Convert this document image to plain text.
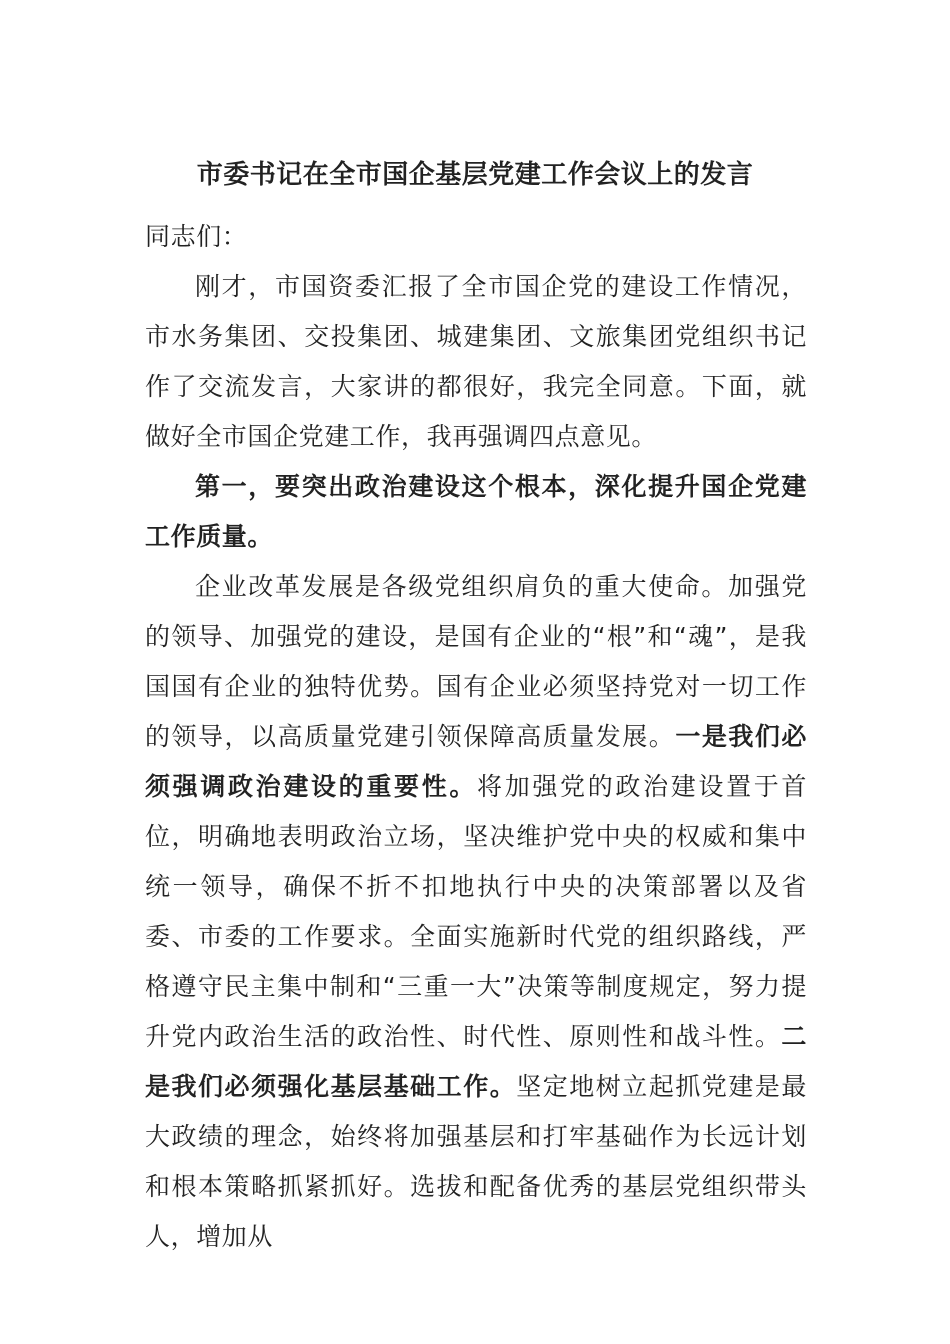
市委书记在全市国企基层党建工作会议上的发言

同志们：

刚才，市国资委汇报了全市国企党的建设工作情况，市水务集团、交投集团、城建集团、文旅集团党组织书记作了交流发言，大家讲的都很好，我完全同意。下面，就做好全市国企党建工作，我再强调四点意见。

第一，要突出政治建设这个根本，深化提升国企党建工作质量。

企业改革发展是各级党组织肩负的重大使命。加强党的领导、加强党的建设，是国有企业的“根”和“魂”，是我国国有企业的独特优势。国有企业必须坚持党对一切工作的领导，以高质量党建引领保障高质量发展。一是我们必须强调政治建设的重要性。将加强党的政治建设置于首位，明确地表明政治立场，坚决维护党中央的权威和集中统一领导，确保不折不扣地执行中央的决策部署以及省委、市委的工作要求。全面实施新时代党的组织路线，严格遵守民主集中制和“三重一大”决策等制度规定，努力提升党内政治生活的政治性、时代性、原则性和战斗性。二是我们必须强化基层基础工作。坚定地树立起抓党建是最大政绩的理念，始终将加强基层和打牢基础作为长远计划和根本策略抓紧抓好。选拔和配备优秀的基层党组织带头人，增加从
